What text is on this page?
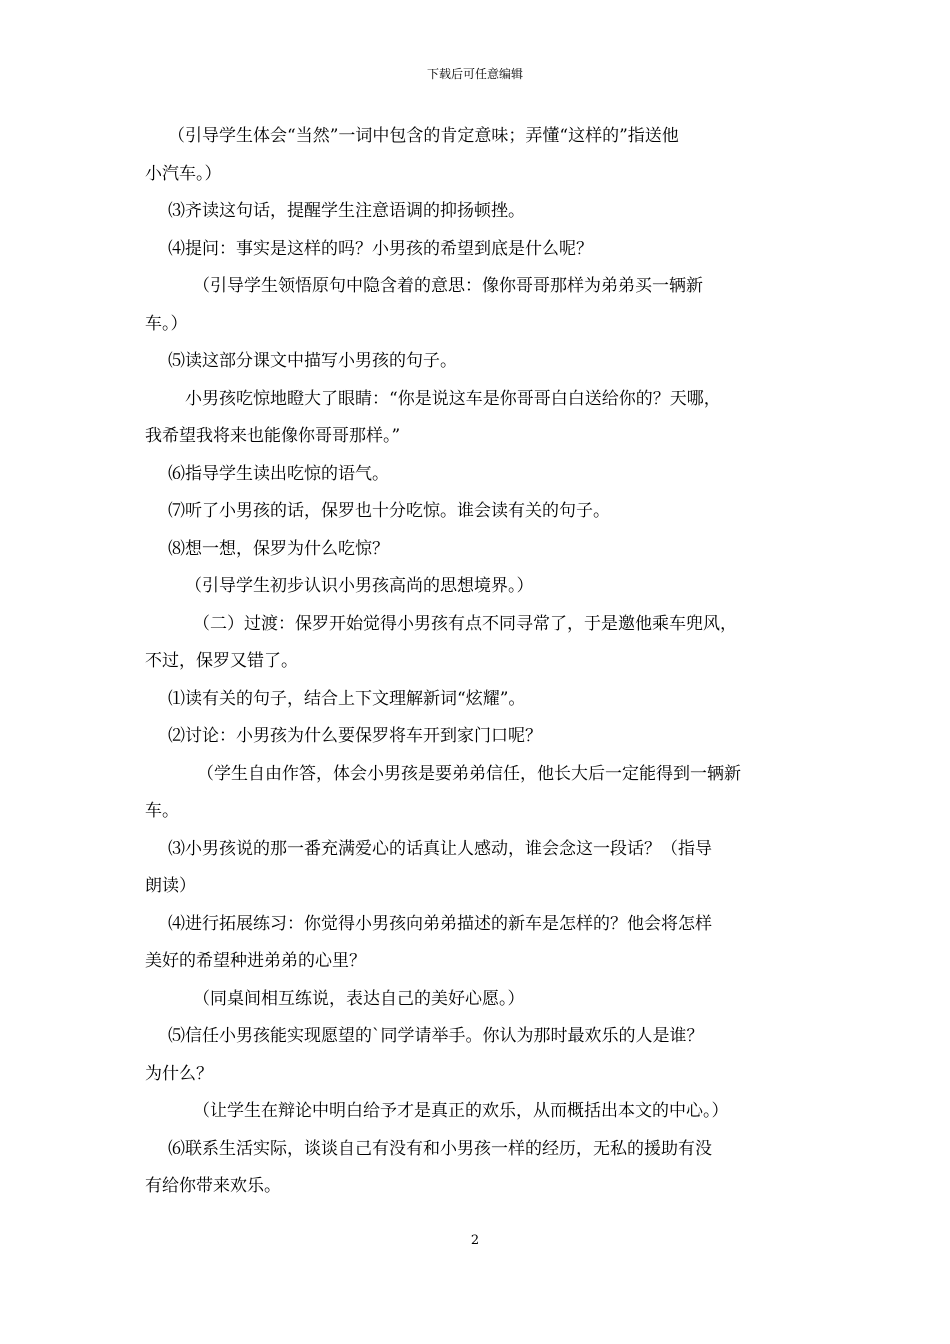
下载后可任意编辑

（引导学生体会“当然”一词中包含的肯定意味；弄懂“这样的”指送他

小汽车。）

⑶齐读这句话，提醒学生注意语调的抑扬顿挫。

⑷提问：事实是这样的吗？小男孩的希望到底是什么呢？

（引导学生领悟原句中隐含着的意思：像你哥哥那样为弟弟买一辆新

车。）

⑸读这部分课文中描写小男孩的句子。

小男孩吃惊地瞪大了眼睛：“你是说这车是你哥哥白白送给你的？天哪，

我希望我将来也能像你哥哥那样。”

⑹指导学生读出吃惊的语气。

⑺听了小男孩的话，保罗也十分吃惊。谁会读有关的句子。

⑻想一想，保罗为什么吃惊？

（引导学生初步认识小男孩高尚的思想境界。）

（二）过渡：保罗开始觉得小男孩有点不同寻常了，于是邀他乘车兜风，

不过，保罗又错了。

⑴读有关的句子，结合上下文理解新词“炫耀”。

⑵讨论：小男孩为什么要保罗将车开到家门口呢？

（学生自由作答，体会小男孩是要弟弟信任，他长大后一定能得到一辆新

车。

⑶小男孩说的那一番充满爱心的话真让人感动，谁会念这一段话？（指导

朗读）

⑷进行拓展练习：你觉得小男孩向弟弟描述的新车是怎样的？他会将怎样

美好的希望种进弟弟的心里？

（同桌间相互练说，表达自己的美好心愿。）

⑸信任小男孩能实现愿望的`同学请举手。你认为那时最欢乐的人是谁？

为什么？

（让学生在辩论中明白给予才是真正的欢乐，从而概括出本文的中心。）

⑹联系生活实际，谈谈自己有没有和小男孩一样的经历，无私的援助有没

有给你带来欢乐。

2
